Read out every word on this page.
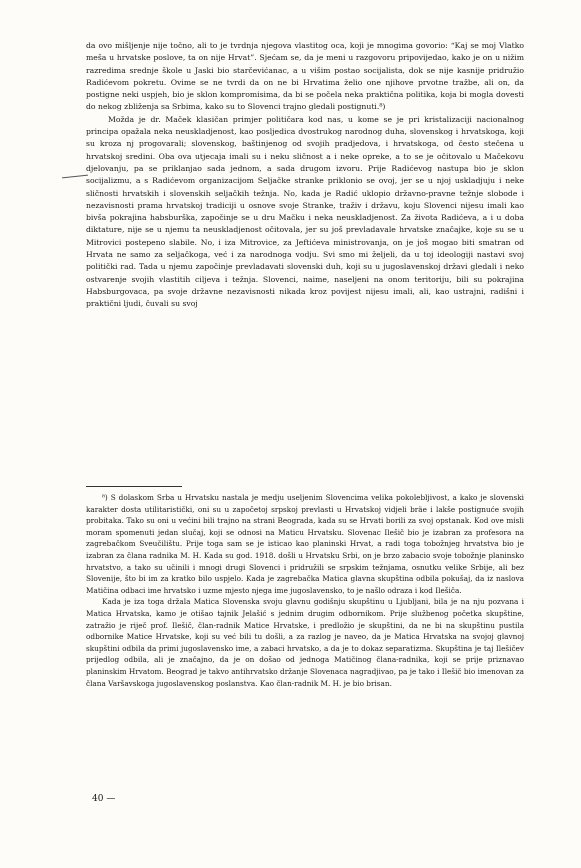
da ovo mišljenje nije točno, ali to je tvrdnja njegova vlastitog oca, koji je mnogima govorio: “Kaj se moj Vlatko meša u hrvatske poslove, ta on nije Hrvat”. Sjećam se, da je meni u razgovoru pripovijedao, kako je on u nižim razredima srednje škole u Jaski bio starčevićanac, a u višim postao socijalista, dok se nije kasnije pridružio Radićevom pokretu. Ovime se ne tvrdi da on ne bi Hrvatima želio one njihove prvotne tražbe, ali on, da postigne neki uspjeh, bio je sklon kompromisima, da bi se počela neka praktična politika, koja bi mogla dovesti do nekog zbliženja sa Srbima, kako su to Slovenci trajno gledali postignuti.⁸)

Možda je dr. Maček klasičan primjer političara kod nas, u kome se je pri kristalizaciji nacionalnog principa opažala neka neuskladjenost, kao posljedica dvostrukog narodnog duha, slovenskog i hrvatskoga, koji su kroza nj progovarali; slovenskog, baštinjenog od svojih pradjedova, i hrvatskoga, od često stečena u hrvatskoj sredini. Oba ova utjecaja imali su i neku sličnost a i neke opreke, a to se je očitovalo u Mačekovu djelovanju, pa se priklanjao sada jednom, a sada drugom izvoru. Prije Radićevog nastupa bio je sklon socijalizmu, a s Radićevom organizacijom Seljačke stranke priklonio se ovoj, jer se u njoj uskladjuju i neke sličnosti hrvatskih i slovenskih seljačkih težnja. No, kada je Radić uklopio državno-pravne težnje slobode i nezavisnosti prama hrvatskoj tradiciji u osnove svoje Stranke, traživ i državu, koju Slovenci nijesu imali kao bivša pokrajina habsburška, započinje se u dru Mačku i neka neuskladjenost. Za života Radićeva, a i u doba diktature, nije se u njemu ta neuskladjenost očitovala, jer su još prevladavale hrvatske značajke, koje su se u Mitrovici postepeno slabile. No, i iza Mitrovice, za Jeftićeva ministrovanja, on je još mogao biti smatran od Hrvata ne samo za seljačkoga, već i za narodnoga vodju. Svi smo mi željeli, da u toj ideologiji nastavi svoj politički rad. Tada u njemu započinje prevladavati slovenski duh, koji su u jugoslavenskoj državi gledali i neko ostvarenje svojih vlastitih ciljeva i težnja. Slovenci, naime, naseljeni na onom teritoriju, bili su pokrajina Habsburgovaca, pa svoje državne nezavisnosti nikada kroz povijest nijesu imali, ali, kao ustrajni, radišni i praktični ljudi, čuvali su svoj

⁸) S dolaskom Srba u Hrvatsku nastala je medju useljenim Slovencima velika pokolebljivost, a kako je slovenski karakter dosta utilitaristički, oni su u započetoj srpskoj prevlasti u Hrvatskoj vidjeli bräe i lakše postignuće svojih probitaka. Tako su oni u većini bili trajno na strani Beograda, kada su se Hrvati borili za svoj opstanak. Kod ove misli moram spomenuti jedan slučaj, koji se odnosi na Maticu Hrvatsku. Slovenac Ilešič bio je izabran za profesora na zagrebačkom Sveučilištu. Prije toga sam se je isticao kao planinski Hrvat, a radi toga tobožnjeg hrvatstva bio je izabran za člana radnika M. H. Kada su god. 1918. došli u Hrvatsku Srbi, on je brzo zabacio svoje tobožnje planinsko hrvatstvo, a tako su učinili i mnogi drugi Slovenci i pridružili se srpskim težnjama, osnutku velike Srbije, ali bez Slovenije, što bi im za kratko bilo uspjelo. Kada je zagrebačka Matica glavna skupština odbila pokušaj, da iz naslova Matičina odbaci ime hrvatsko i uzme mjesto njega ime jugoslavensko, to je našlo odraza i kod Ilešiča.

Kada je iza toga držala Matica Slovenska svoju glavnu godišnju skupštinu u Ljubljani, bila je na nju pozvana i Matica Hrvatska, kamo je otišao tajnik Jelašić s jednim drugim odbornikom. Prije službenog početka skupštine, zatražio je riječ prof. Ilešič, član-radnik Matice Hrvatske, i predložio je skupštini, da ne bi na skupštinu pustila odbornike Matice Hrvatske, koji su već bili tu došli, a za razlog je naveo, da je Matica Hrvatska na svojoj glavnoj skupštini odbila da primi jugoslavensko ime, a zabaci hrvatsko, a da je to dokaz separatizma. Skupština je taj Ilešičev prijedlog odbila, ali je značajno, da je on došao od jednoga Matičinog člana-radnika, koji se prije priznavao planinskim Hrvatom. Beograd je takvo antihrvatsko držanje Slovenaca nagradjivao, pa je tako i Ilešič bio imenovan za člana Varšavskoga jugoslavenskog poslanstva. Kao član-radnik M. H. je bio brisan.

40 —
